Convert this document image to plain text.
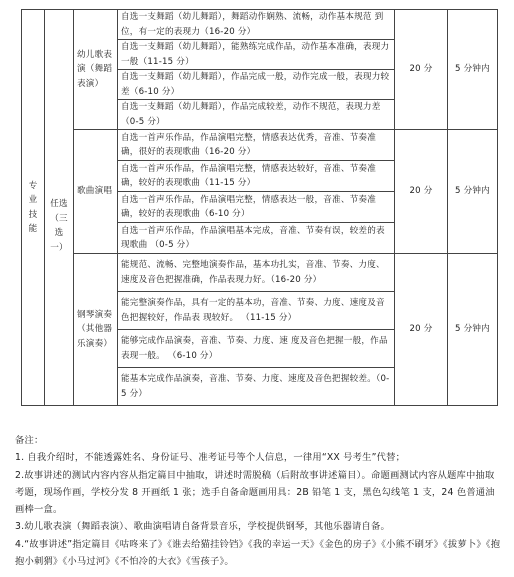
专业技能		幼儿歌表演（舞蹈表演）	自选一支舞蹈（幼儿舞蹈），舞蹈动作娴熟、流畅，动作基本规范 到位，有一定的表现力（16-20 分）	20 分	5 分钟内
			自选一支舞蹈（幼儿舞蹈），能熟练完成作品，动作基本准确，表现力一般（11-15 分）		
			自选一支舞蹈（幼儿舞蹈），作品完成一般，动作完成一般，表现力较差（6-10 分）		
			自选一支舞蹈（幼儿舞蹈），作品完成较差，动作不规范，表现力差 （0-5 分）		
		歌曲演唱	自选一首声乐作品，作品演唱完整，情感表达优秀，音准、节奏准确，很好的表现歌曲（16-20 分）	20 分	5 分钟内
	任选（三选一）		自选一首声乐作品，作品演唱完整，情感表达较好，音准、节奏准确，较好的表现歌曲（11-15 分）		
			自选一首声乐作品，作品演唱完整，情感表达一般，音准、节奏准确，较好的表现歌曲（6-10 分）		
			自选一首声乐作品，作品演唱基本完成，音准、节奏有误，较差的表现歌曲 （0-5 分）		
		钢琴演奏（其他器乐演奏）	能规范、流畅、完整地演奏作品，基本功扎实，音准、节奏、力度、速度及音色把握准确，作品表现力好。（16-20 分）	20 分	5 分钟内
			能完整演奏作品，具有一定的基本功，音准、节奏、力度、速度及音色把握较好，作品表 现较好。 （11-15 分）		
			能够完成作品演奏，音准、节奏、力度、速 度及音色把握一般，作品表现一般。 （6-10 分）		
			能基本完成作品演奏，音准、节奏、力度、速度及音色把握较差。（0-5 分）		
备注：
1. 自我介绍时，不能透露姓名、身份证号、准考证号等个人信息，一律用“XX 号考生”代替；
2.故事讲述的测试内容内容从指定篇目中抽取，讲述时需脱稿（后附故事讲述篇目）。命题画测试内容从题库中抽取考题，现场作画，学校分发 8 开画纸 1 张；选手自备命题画用具：2B 铅笔 1 支，黑色勾线笔 1 支，24 色普通油画棒一盒。
3.幼儿歌表演（舞蹈表演）、歌曲演唱请自备背景音乐，学校提供钢琴，其他乐器请自备。
4.“故事讲述”指定篇目《咕咚来了》《谁去给猫挂铃铛》《我的幸运一天》《金色的房子》《小熊不刷牙》《拔萝卜》《抱抱小刺猬》《小马过河》《不怕冷的大衣》《雪孩子》。
